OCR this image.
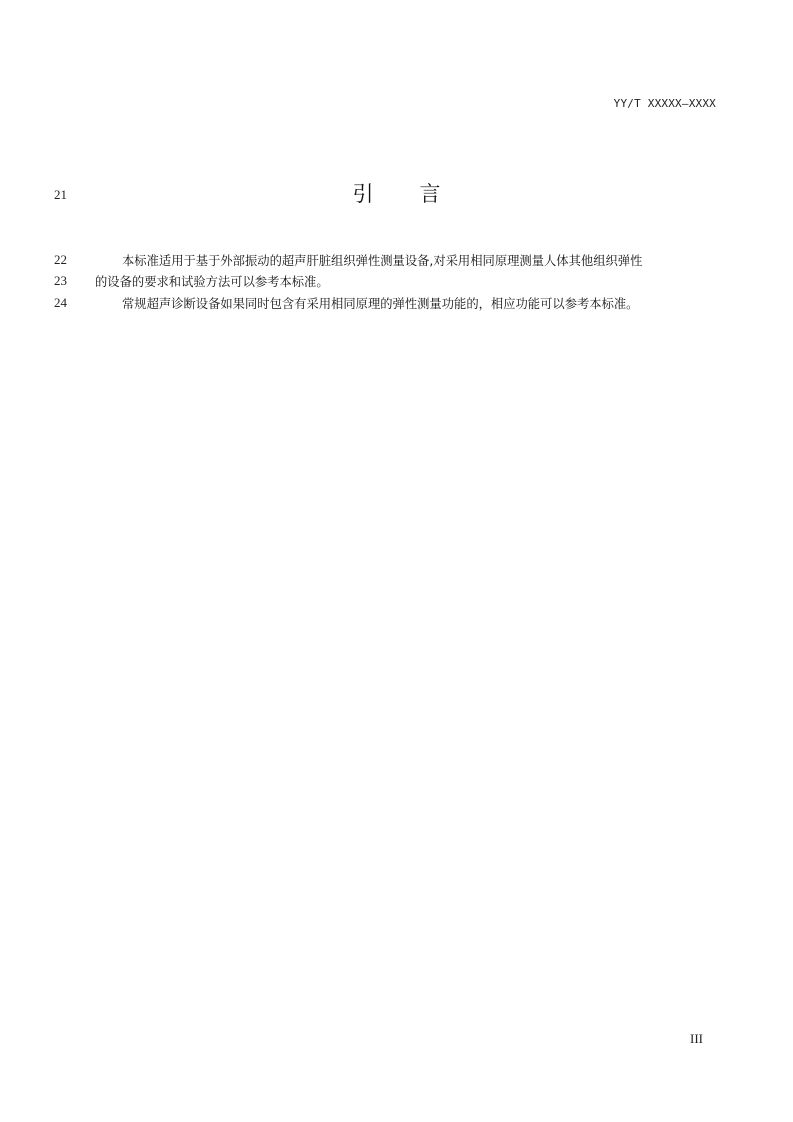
YY/T XXXXX—XXXX
21	引 言
22	本标准适用于基于外部振动的超声肝脏组织弹性测量设备,对采用相同原理测量人体其他组织弹性
23 的设备的要求和试验方法可以参考本标准。
24	常规超声诊断设备如果同时包含有采用相同原理的弹性测量功能的，相应功能可以参考本标准。
III
